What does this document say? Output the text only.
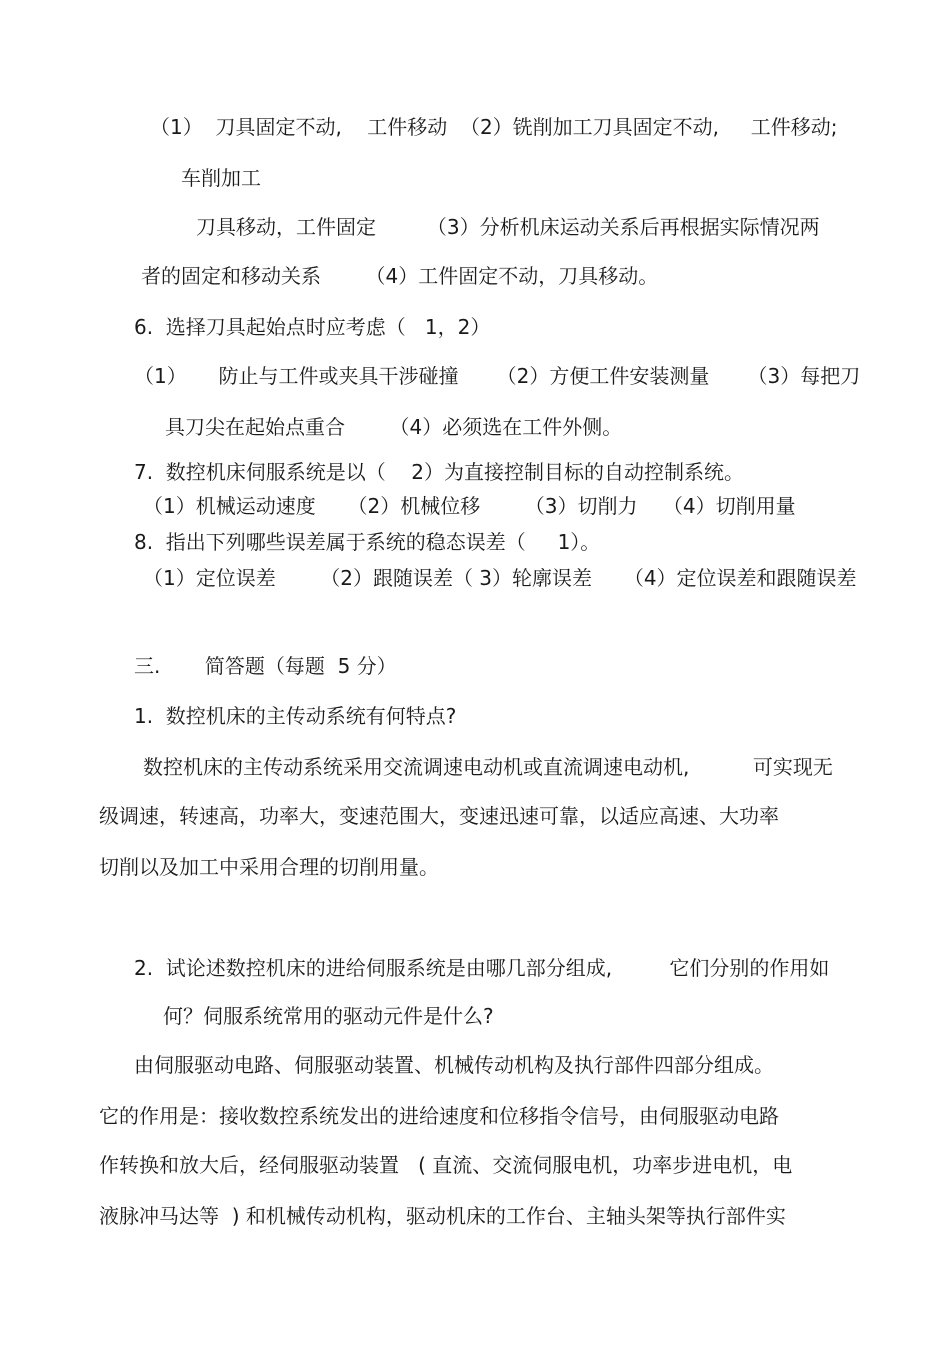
（1）  刀具固定不动,    工件移动  （2）铣削加工刀具固定不动,     工件移动;
车削加工
刀具移动，工件固定        （3）分析机床运动关系后再根据实际情况两
者的固定和移动关系       （4）工件固定不动，刀具移动。
6.  选择刀具起始点时应考虑（   1，2）
（1）     防止与工件或夹具干涉碰撞      （2）方便工件安装测量      （3）每把刀
具刀尖在起始点重合       （4）必须选在工件外侧。
7.  数控机床伺服系统是以（    2）为直接控制目标的自动控制系统。
（1）机械运动速度     （2）机械位移       （3）切削力    （4）切削用量
8.  指出下列哪些误差属于系统的稳态误差（     1）。
（1）定位误差       （2）跟随误差（ 3）轮廓误差     （4）定位误差和跟随误差
三.       简答题（每题  5 分）
1.  数控机床的主传动系统有何特点?
数控机床的主传动系统采用交流调速电动机或直流调速电动机,          可实现无
级调速，转速高，功率大，变速范围大，变速迅速可靠，以适应高速、大功率
切削以及加工中采用合理的切削用量。
2.  试论述数控机床的进给伺服系统是由哪几部分组成,         它们分别的作用如
何？伺服系统常用的驱动元件是什么?
由伺服驱动电路、伺服驱动装置、机械传动机构及执行部件四部分组成。
它的作用是：接收数控系统发出的进给速度和位移指令信号，由伺服驱动电路
作转换和放大后，经伺服驱动装置   ( 直流、交流伺服电机，功率步进电机，电
液脉冲马达等  ) 和机械传动机构，驱动机床的工作台、主轴头架等执行部件实
